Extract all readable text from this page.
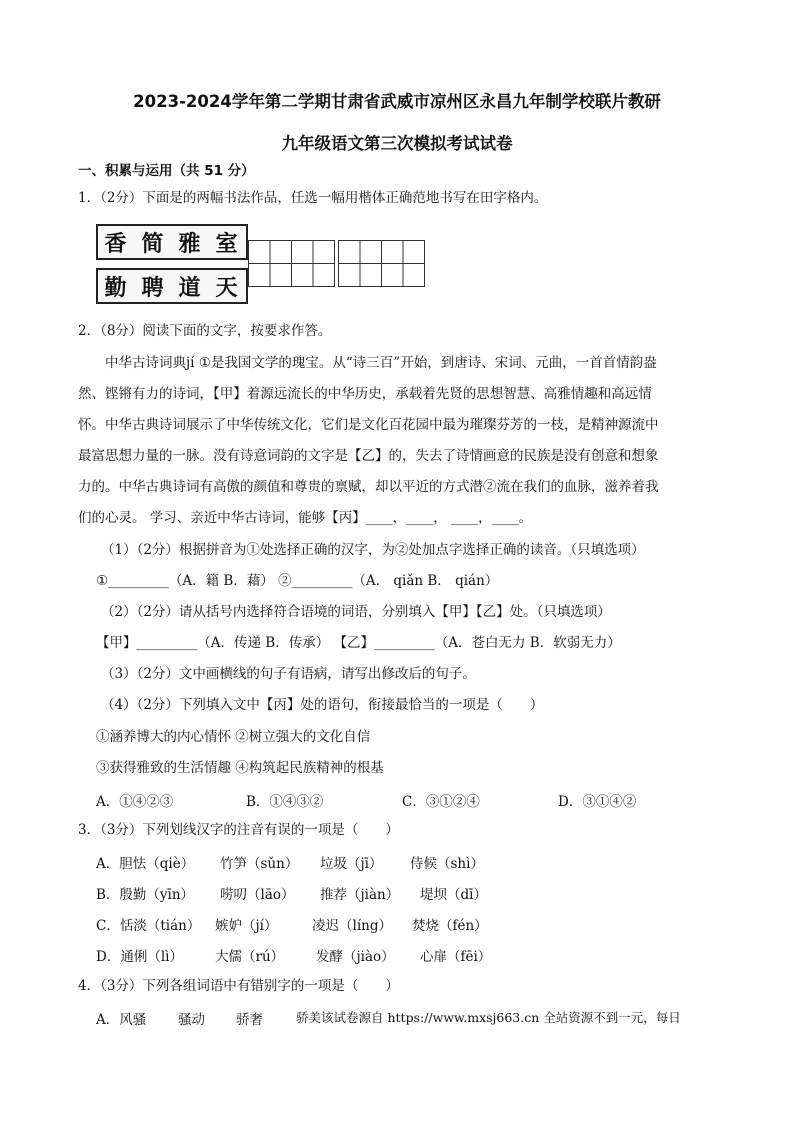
2023-2024学年第二学期甘肃省武威市凉州区永昌九年制学校联片教研
九年级语文第三次模拟考试试卷
一、积累与运用（共 51 分）
1．（2分）下面是的两幅书法作品，任选一幅用楷体正确范地书写在田字格内。
香 简 雅 室
勤 聘 道 天
2．（8分）阅读下面的文字，按要求作答。
中华古诗词典jí ①是我国文学的瑰宝。从“诗三百”开始，到唐诗、宋词、元曲，一首首情韵盎
然、铿锵有力的诗词，【甲】着源远流长的中华历史，承载着先贤的思想智慧、高雅情趣和高远情
怀。中华古典诗词展示了中华传统文化，它们是文化百花园中最为璀璨芬芳的一枝，是精神源流中
最富思想力量的一脉。没有诗意词韵的文字是【乙】的，失去了诗情画意的民族是没有创意和想象
力的。中华古典诗词有高傲的颜值和尊贵的禀赋，却以平近的方式潜②流在我们的血脉，滋养着我
们的心灵。 学习、亲近中华古诗词，能够【丙】____，____， ____，____。
（1）（2分）根据拼音为①处选择正确的汉字，为②处加点字选择正确的读音。（只填选项）
①_________（A．籍 B．藉） ②_________（A． qiǎn B． qián）
（2）（2分）请从括号内选择符合语境的词语，分别填入【甲】【乙】处。（只填选项）
【甲】_________（A．传递 B．传承） 【乙】_________（A．苍白无力 B．软弱无力）
（3）（2分）文中画横线的句子有语病，请写出修改后的句子。
（4）（2分）下列填入文中【丙】处的语句，衔接最恰当的一项是（　　）
①涵养博大的内心情怀 ②树立强大的文化自信
③获得雅致的生活情趣 ④构筑起民族精神的根基
A．①④②③	B．①④③②	C．③①②④	D．③①④②
3．（3分）下列划线汉字的注音有误的一项是（　　）
A．胆怯（qiè） 竹笋（sǔn） 垃圾（jī） 侍候（shì）
B．殷勤（yīn） 唠叨（lāo） 推荐（jiàn） 堤坝（dī）
C．恬淡（tián） 嫉妒（jí）	凌迟（líng） 焚烧（fén）
D．通俐（lì） 大儒（rú） 发酵（jiào） 心扉（fēi）
4．（3分）下列各组词语中有错别字的一项是（　　）
A．风骚 骚动 骄奢	骄美该试卷源自 https://www.mxsj663.cn 全站资源不到一元，每日
